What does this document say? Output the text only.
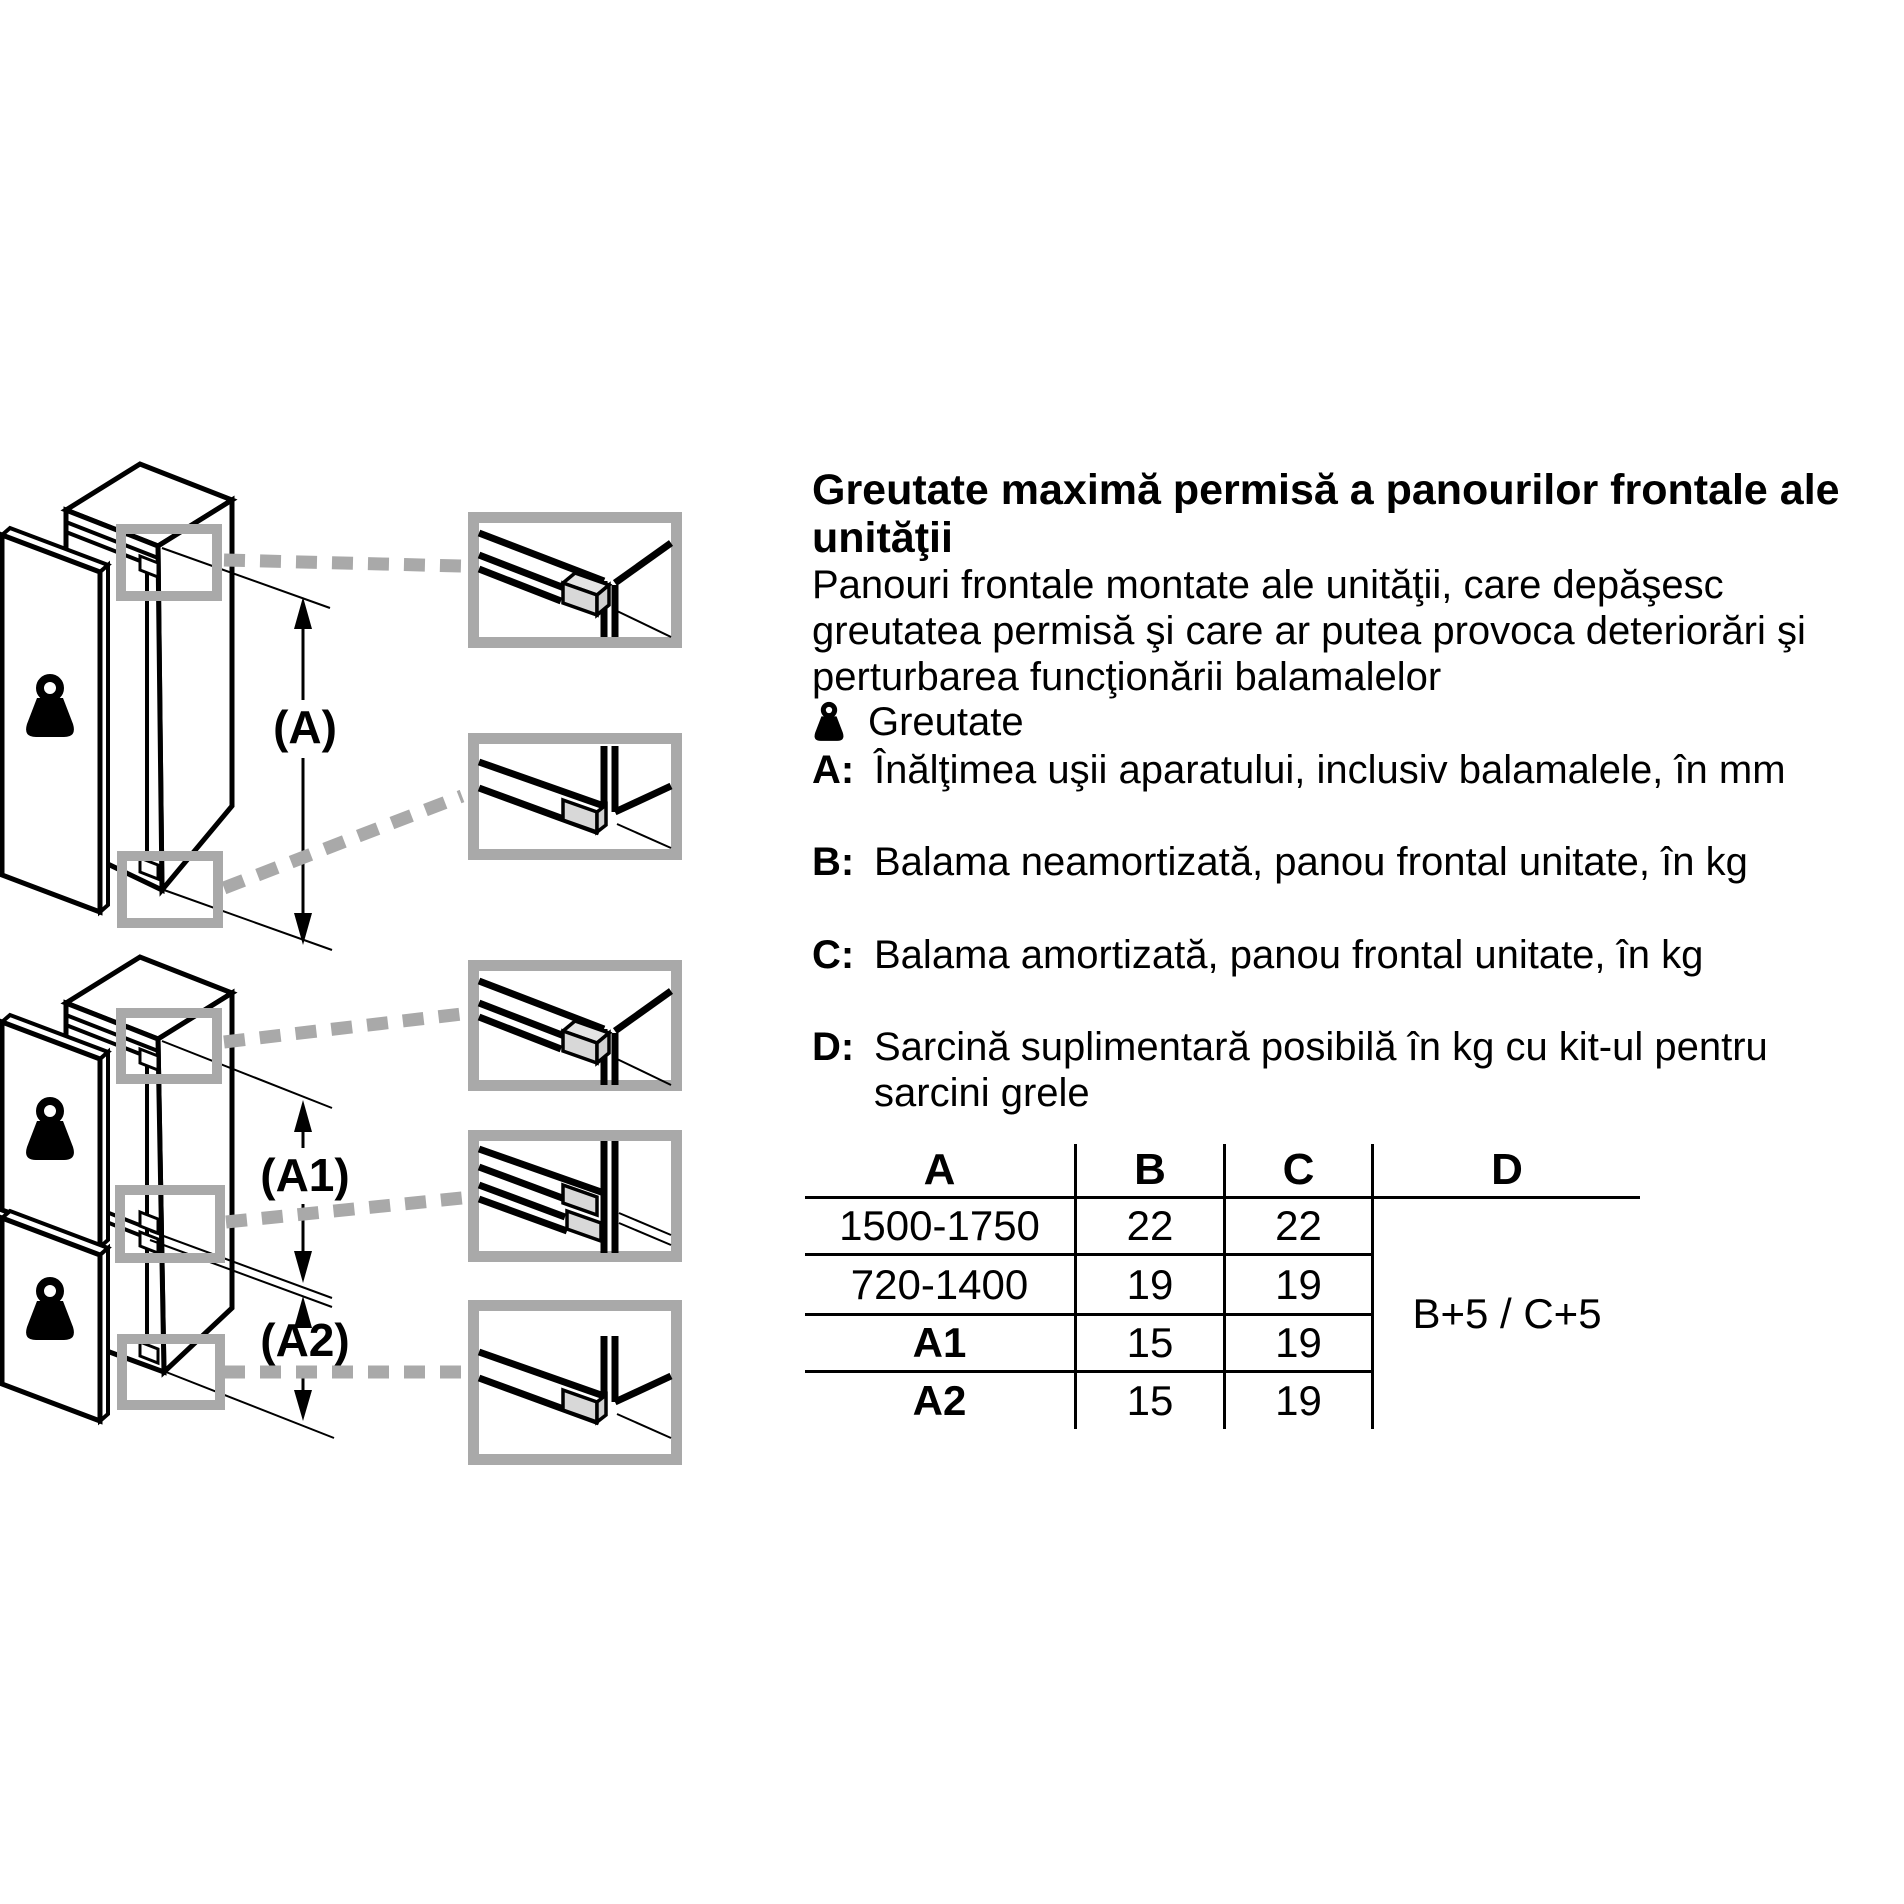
(A)
(A1)
(A2)
Greutate maximă permisă a panourilor frontale ale
unităţii
Panouri frontale montate ale unităţii, care depăşesc
greutatea permisă şi care ar putea provoca deteriorări şi
perturbarea funcţionării balamalelor
Greutate
A: Înălţimea uşii aparatului, inclusiv balamalele, în mm
B: Balama neamortizată, panou frontal unitate, în kg
C: Balama amortizată, panou frontal unitate, în kg
D: Sarcină suplimentară posibilă în kg cu kit-ul pentru
sarcini grele
A	B	C	D
1500-1750	22	22
720-1400	19	19
A1	15	19
A2	15	19
B+5 / C+5
